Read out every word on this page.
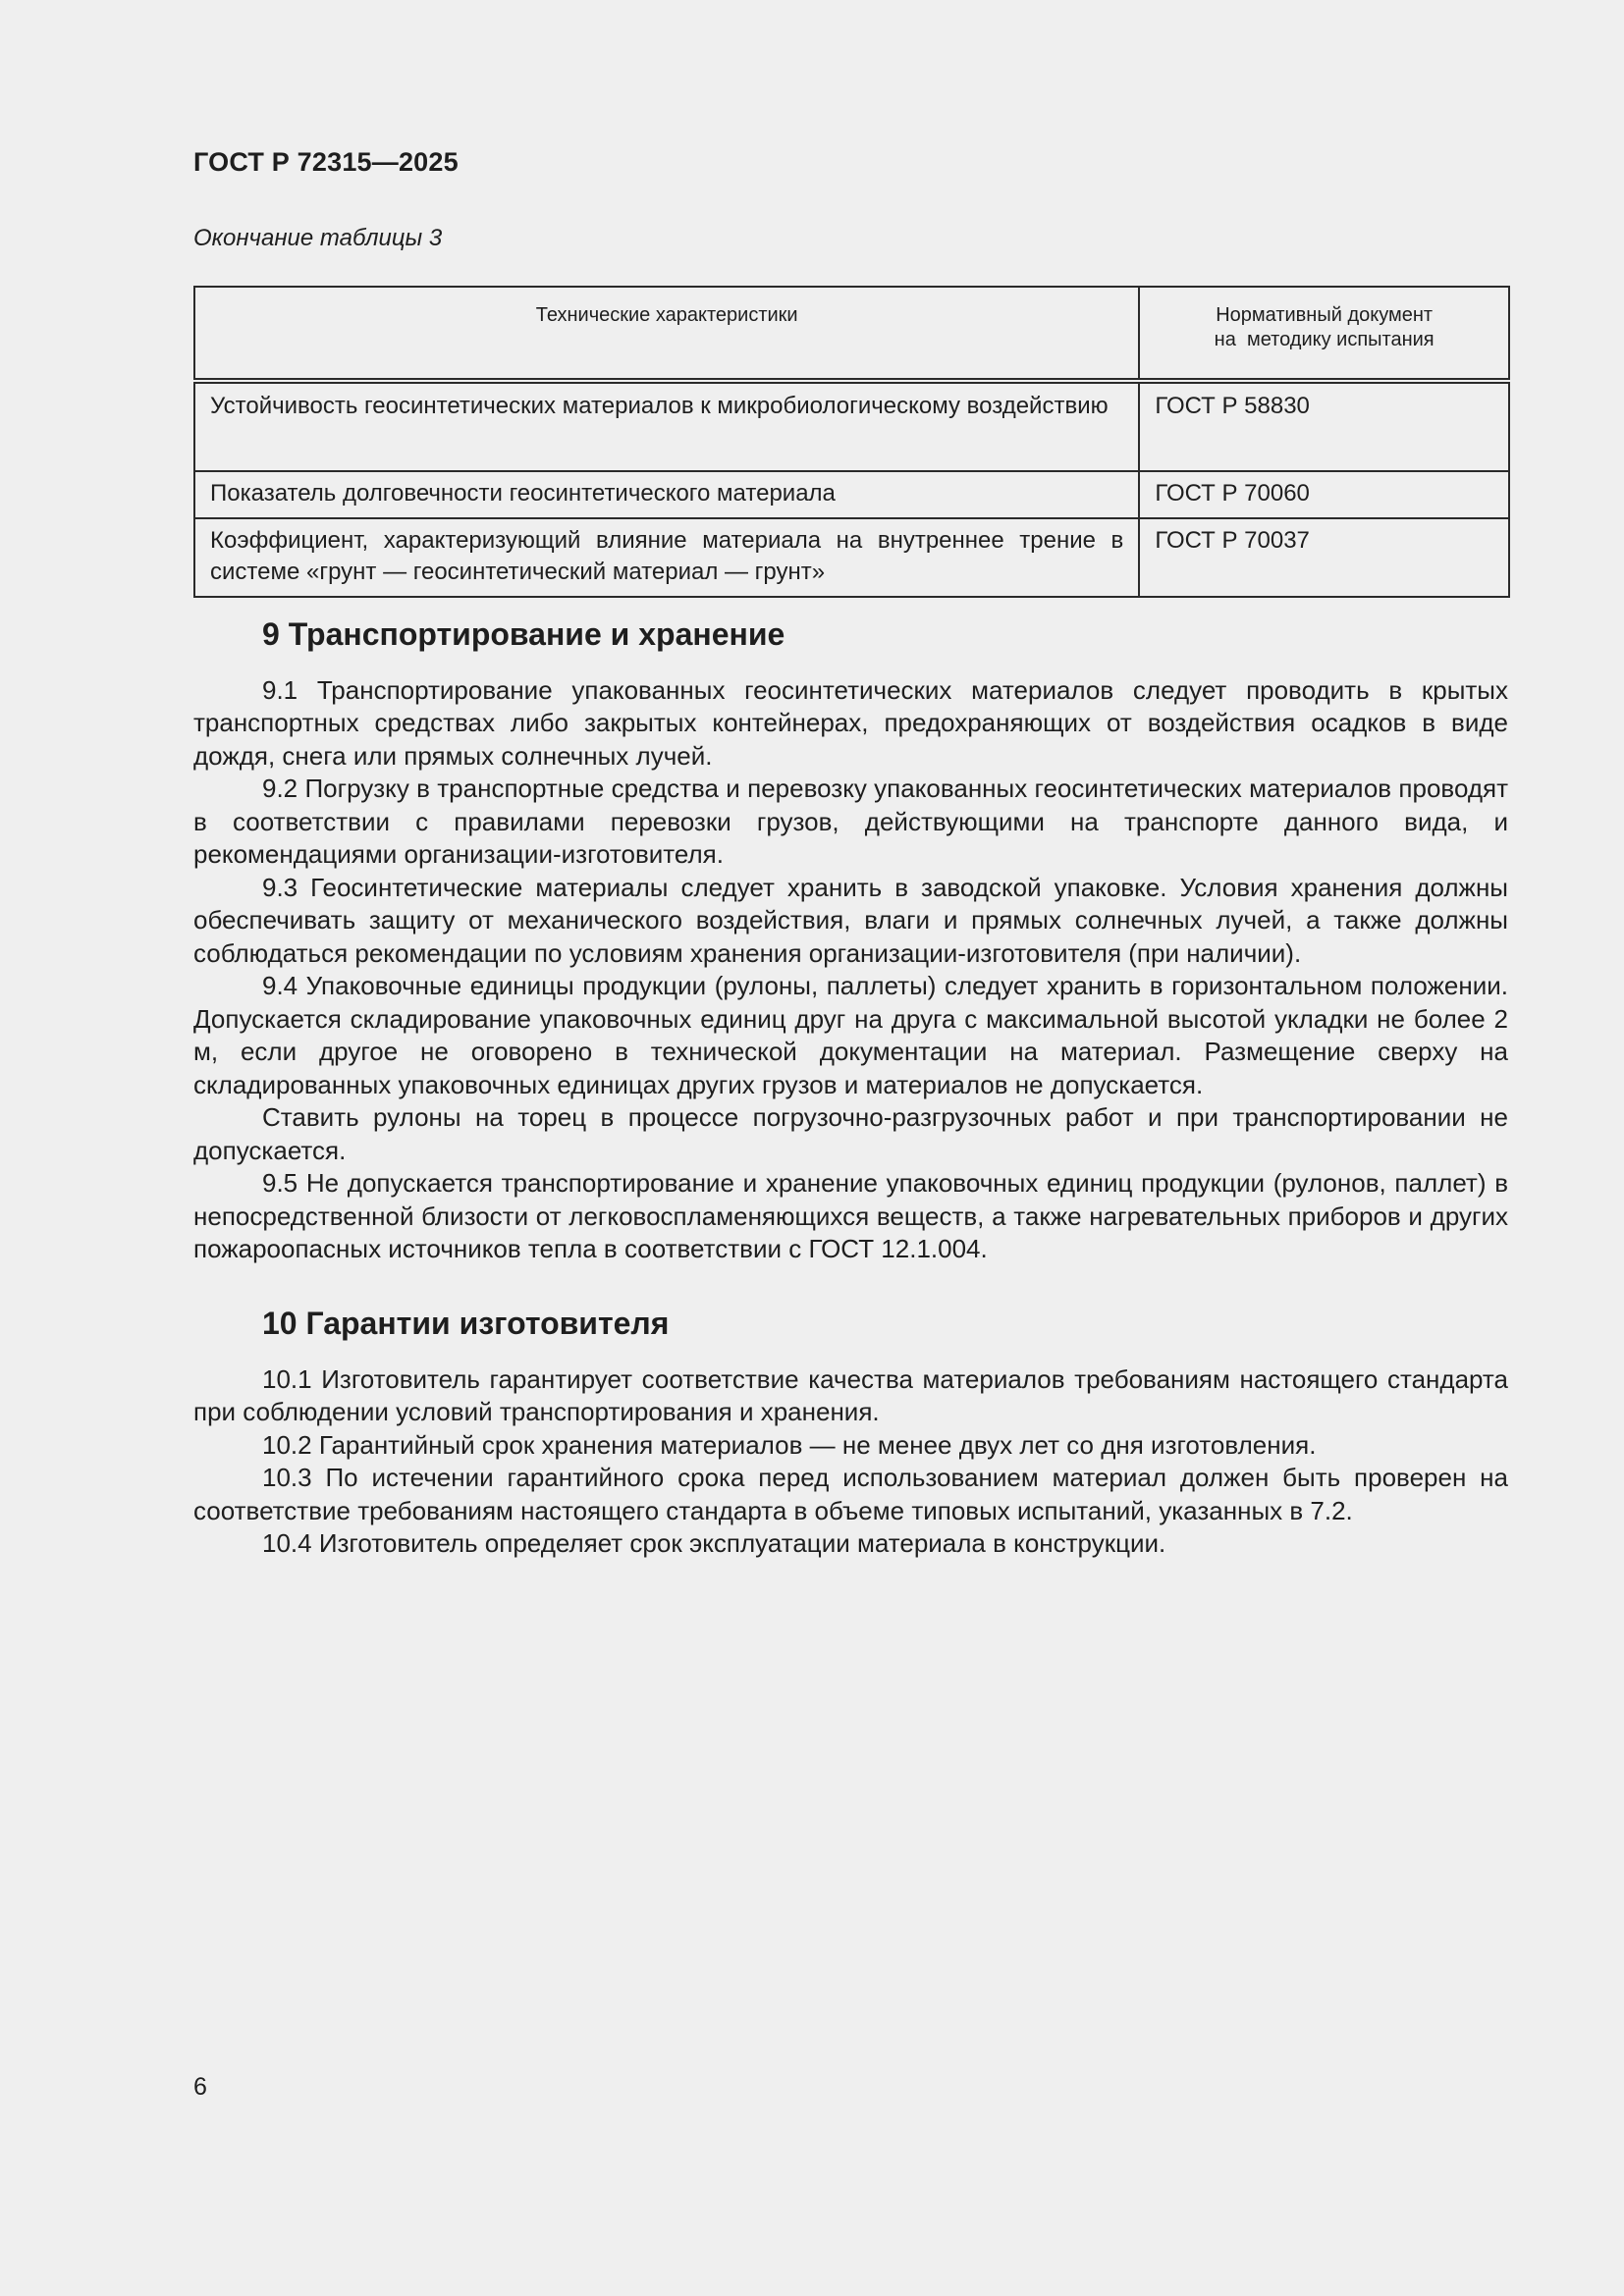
ГОСТ Р 72315—2025
Окончание таблицы 3
Технические характеристики	Нормативный документ
на  методику испытания

Устойчивость геосинтетических материалов к микробиологическому воздействию	ГОСТ Р 58830
Показатель долговечности геосинтетического материала	ГОСТ Р 70060
Коэффициент, характеризующий влияние материала на внутреннее трение в системе «грунт — геосинтетический материал — грунт»	ГОСТ Р 70037
9 Транспортирование и хранение

9.1 Транспортирование упакованных геосинтетических материалов следует проводить в крытых транспортных средствах либо закрытых контейнерах, предохраняющих от воздействия осадков в виде дождя, снега или прямых солнечных лучей.

9.2 Погрузку в транспортные средства и перевозку упакованных геосинтетических материалов проводят в соответствии с правилами перевозки грузов, действующими на транспорте данного вида, и рекомендациями организации-изготовителя.

9.3 Геосинтетические материалы следует хранить в заводской упаковке. Условия хранения должны обеспечивать защиту от механического воздействия, влаги и прямых солнечных лучей, а также должны соблюдаться рекомендации по условиям хранения организации-изготовителя (при наличии).

9.4 Упаковочные единицы продукции (рулоны, паллеты) следует хранить в горизонтальном положении. Допускается складирование упаковочных единиц друг на друга с максимальной высотой укладки не более 2 м, если другое не оговорено в технической документации на материал. Размещение сверху на складированных упаковочных единицах других грузов и материалов не допускается.

Ставить рулоны на торец в процессе погрузочно-разгрузочных работ и при транспортировании не допускается.

9.5 Не допускается транспортирование и хранение упаковочных единиц продукции (рулонов, паллет) в непосредственной близости от легковоспламеняющихся веществ, а также нагревательных приборов и других пожароопасных источников тепла в соответствии с ГОСТ 12.1.004.

10 Гарантии изготовителя

10.1 Изготовитель гарантирует соответствие качества материалов требованиям настоящего стандарта при соблюдении условий транспортирования и хранения.

10.2 Гарантийный срок хранения материалов — не менее двух лет со дня изготовления.

10.3 По истечении гарантийного срока перед использованием материал должен быть проверен на соответствие требованиям настоящего стандарта в объеме типовых испытаний, указанных в 7.2.

10.4 Изготовитель определяет срок эксплуатации материала в конструкции.

6
